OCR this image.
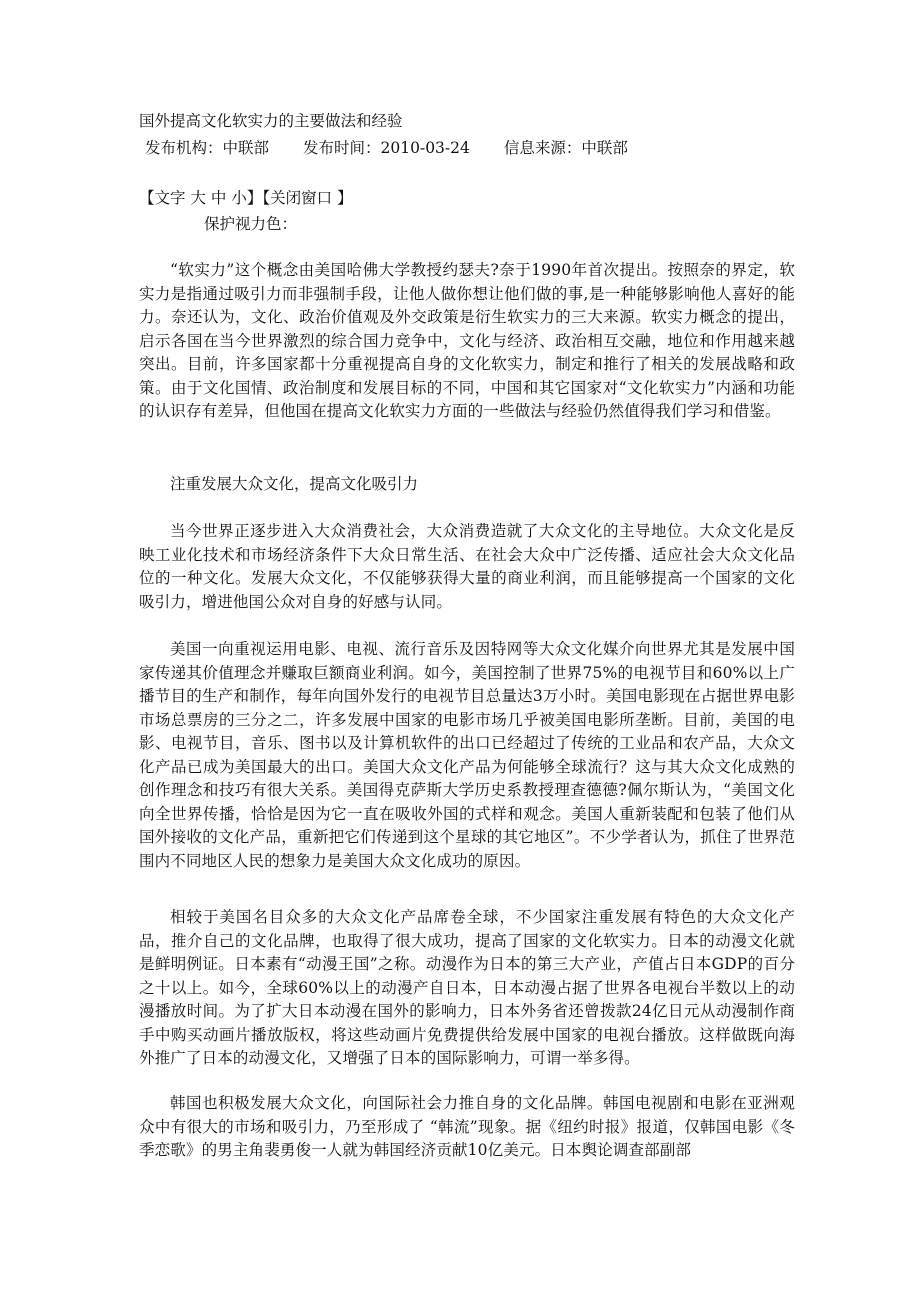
国外提高文化软实力的主要做法和经验
发布机构：中联部 发布时间：2010-03-24 信息来源：中联部
【文字 大 中 小】【关闭窗口 】
保护视力色：

“软实力”这个概念由美国哈佛大学教授约瑟夫?奈于1990年首次提出。按照奈的界定，软实力是指通过吸引力而非强制手段，让他人做你想让他们做的事,是一种能够影响他人喜好的能力。奈还认为，文化、政治价值观及外交政策是衍生软实力的三大来源。软实力概念的提出，启示各国在当今世界激烈的综合国力竞争中，文化与经济、政治相互交融，地位和作用越来越突出。目前，许多国家都十分重视提高自身的文化软实力，制定和推行了相关的发展战略和政策。由于文化国情、政治制度和发展目标的不同，中国和其它国家对“文化软实力”内涵和功能的认识存有差异，但他国在提高文化软实力方面的一些做法与经验仍然值得我们学习和借鉴。

注重发展大众文化，提高文化吸引力

当今世界正逐步进入大众消费社会，大众消费造就了大众文化的主导地位。大众文化是反映工业化技术和市场经济条件下大众日常生活、在社会大众中广泛传播、适应社会大众文化品位的一种文化。发展大众文化，不仅能够获得大量的商业利润，而且能够提高一个国家的文化吸引力，增进他国公众对自身的好感与认同。

美国一向重视运用电影、电视、流行音乐及因特网等大众文化媒介向世界尤其是发展中国家传递其价值理念并赚取巨额商业利润。如今，美国控制了世界75%的电视节目和60%以上广播节目的生产和制作，每年向国外发行的电视节目总量达3万小时。美国电影现在占据世界电影市场总票房的三分之二，许多发展中国家的电影市场几乎被美国电影所垄断。目前，美国的电影、电视节目，音乐、图书以及计算机软件的出口已经超过了传统的工业品和农产品，大众文化产品已成为美国最大的出口。美国大众文化产品为何能够全球流行？这与其大众文化成熟的创作理念和技巧有很大关系。美国得克萨斯大学历史系教授理查德德?佩尔斯认为，“美国文化向全世界传播，恰恰是因为它一直在吸收外国的式样和观念。美国人重新装配和包装了他们从国外接收的文化产品，重新把它们传递到这个星球的其它地区”。不少学者认为，抓住了世界范围内不同地区人民的想象力是美国大众文化成功的原因。

相较于美国名目众多的大众文化产品席卷全球，不少国家注重发展有特色的大众文化产品，推介自己的文化品牌，也取得了很大成功，提高了国家的文化软实力。日本的动漫文化就是鲜明例证。日本素有“动漫王国”之称。动漫作为日本的第三大产业，产值占日本GDP的百分之十以上。如今，全球60%以上的动漫产自日本，日本动漫占据了世界各电视台半数以上的动漫播放时间。为了扩大日本动漫在国外的影响力，日本外务省还曾拨款24亿日元从动漫制作商手中购买动画片播放版权，将这些动画片免费提供给发展中国家的电视台播放。这样做既向海外推广了日本的动漫文化，又增强了日本的国际影响力，可谓一举多得。

韩国也积极发展大众文化，向国际社会力推自身的文化品牌。韩国电视剧和电影在亚洲观众中有很大的市场和吸引力，乃至形成了 “韩流”现象。据《纽约时报》报道，仅韩国电影《冬季恋歌》的男主角裴勇俊一人就为韩国经济贡献10亿美元。日本舆论调查部副部
